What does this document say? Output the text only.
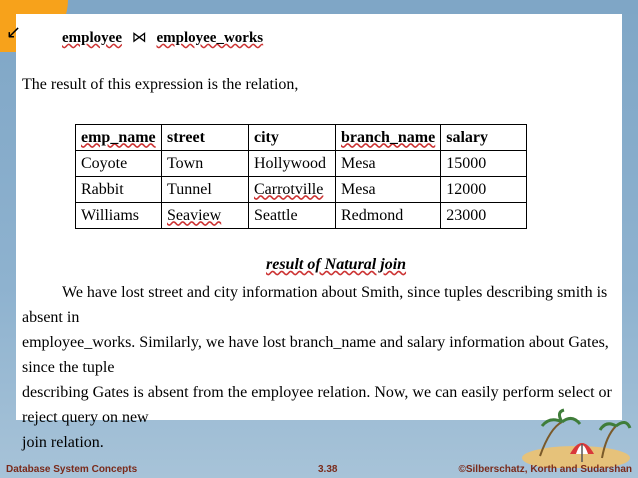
↙	employee ⋈ employee_works
The result of this expression is the relation,
emp_name	street	city	branch_name	salary
Coyote	Town	Hollywood	Mesa	15000
Rabbit	Tunnel	Carrotville	Mesa	12000
Williams	Seaview	Seattle	Redmond	23000
result of Natural join
We have lost street and city information about Smith, since tuples describing smith is absent in
employee_works. Similarly, we have lost branch_name and salary information about Gates, since the tuple
describing Gates is absent from the employee relation. Now, we can easily perform select or reject query on new
join relation.
Database System Concepts	3.38	©Silberschatz, Korth and Sudarshan
